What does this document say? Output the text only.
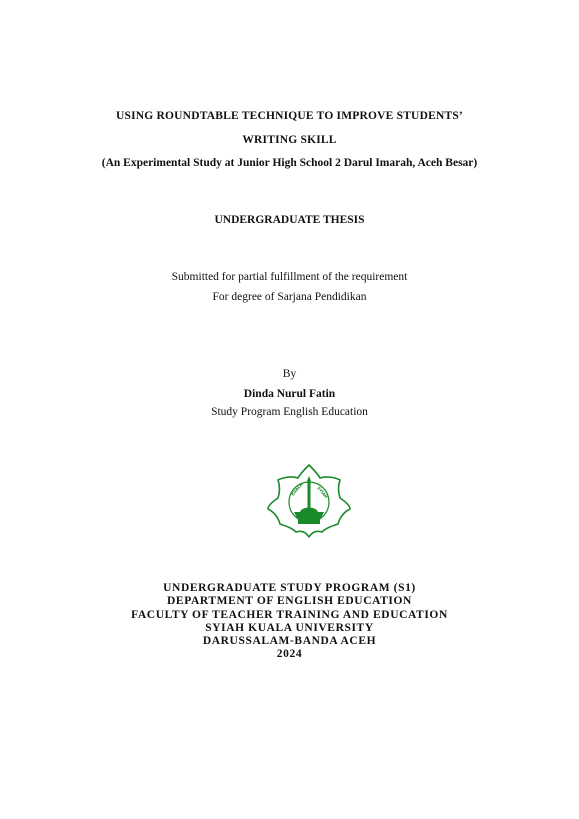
USING ROUNDTABLE TECHNIQUE TO IMPROVE STUDENTS’
WRITING SKILL
(An Experimental Study at Junior High School 2 Darul Imarah, Aceh Besar)
UNDERGRADUATE THESIS
Submitted for partial fulfillment of the requirement
For degree of Sarjana Pendidikan
By
Dinda Nurul Fatin
Study Program English Education
KUALA	SYIAH
UNDERGRADUATE STUDY PROGRAM (S1)
DEPARTMENT OF ENGLISH EDUCATION
FACULTY OF TEACHER TRAINING AND EDUCATION
SYIAH KUALA UNIVERSITY
DARUSSALAM-BANDA ACEH
2024
